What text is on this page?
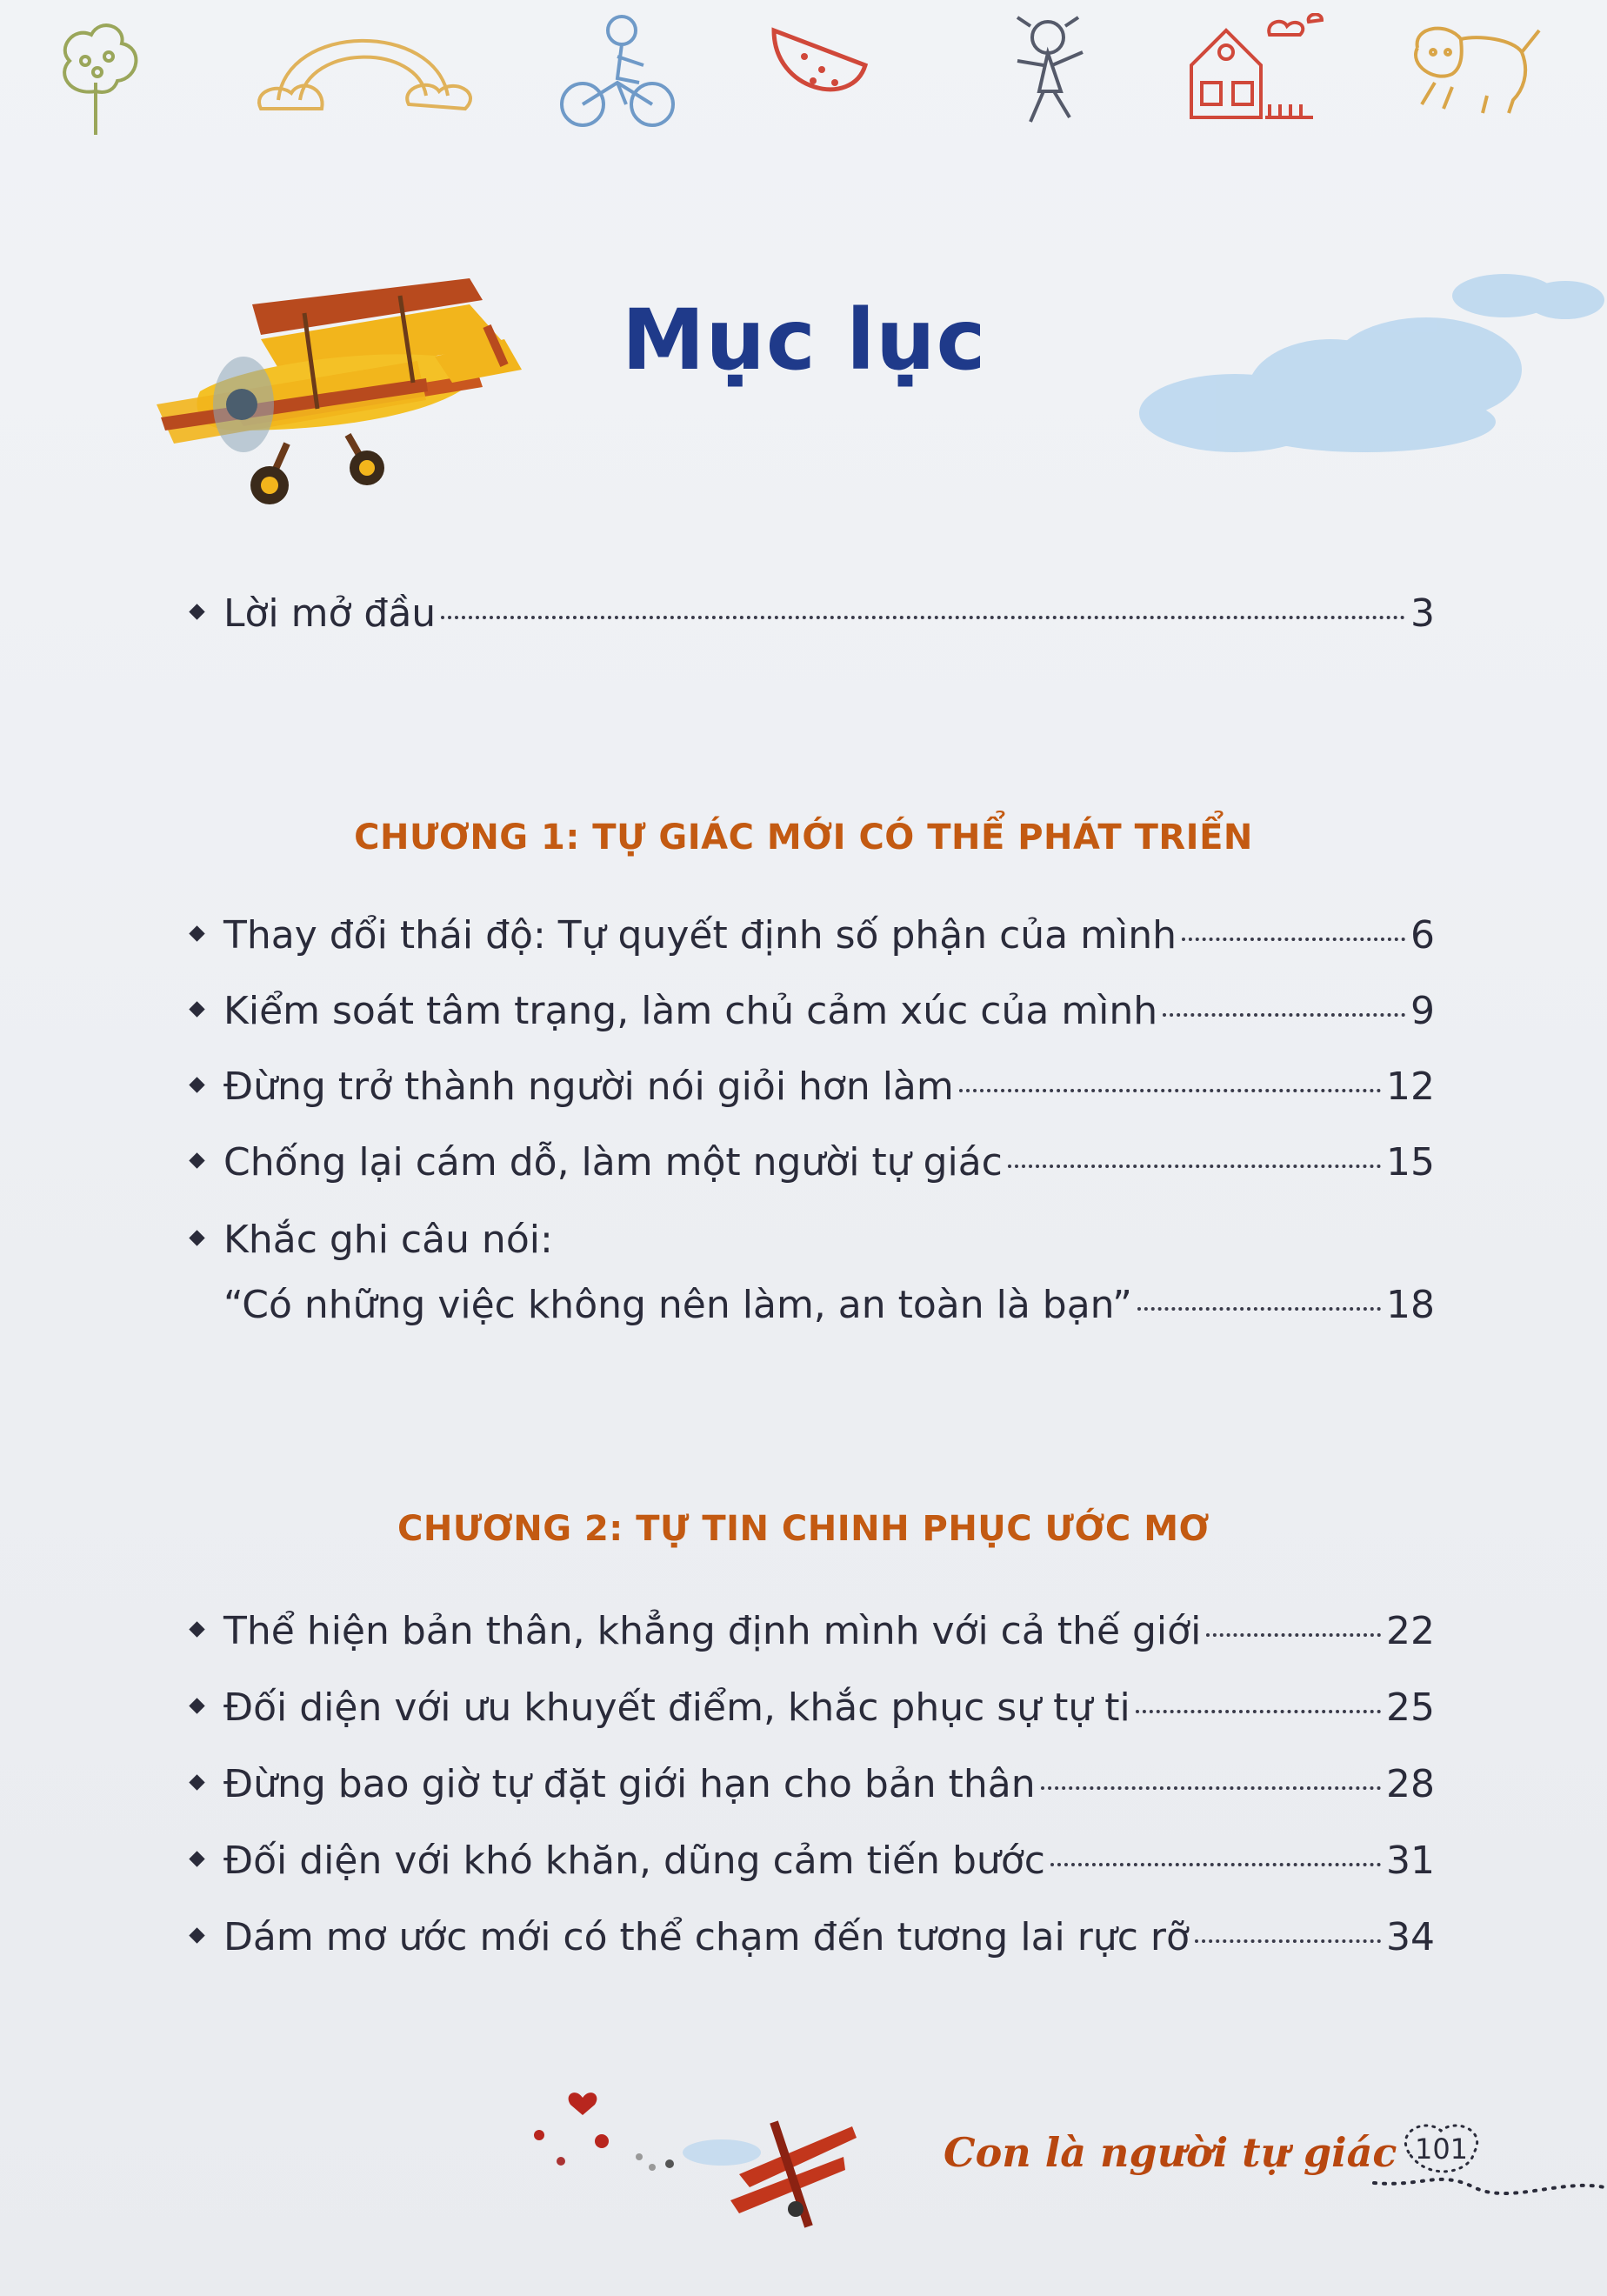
Mục lục
Lời mở đầu	3
CHƯƠNG 1: TỰ GIÁC MỚI CÓ THỂ PHÁT TRIỂN
Thay đổi thái độ: Tự quyết định số phận của mình	6
Kiểm soát tâm trạng, làm chủ cảm xúc của mình	9
Đừng trở thành người nói giỏi hơn làm	12
Chống lại cám dỗ, làm một người tự giác	15
Khắc ghi câu nói:
“Có những việc không nên làm, an toàn là bạn”	18
CHƯƠNG 2: TỰ TIN CHINH PHỤC ƯỚC MƠ
Thể hiện bản thân, khẳng định mình với cả thế giới	22
Đối diện với ưu khuyết điểm, khắc phục sự tự ti	25
Đừng bao giờ tự đặt giới hạn cho bản thân	28
Đối diện với khó khăn, dũng cảm tiến bước	31
Dám mơ ước mới có thể chạm đến tương lai rực rỡ	34
Con là người tự giác 101
